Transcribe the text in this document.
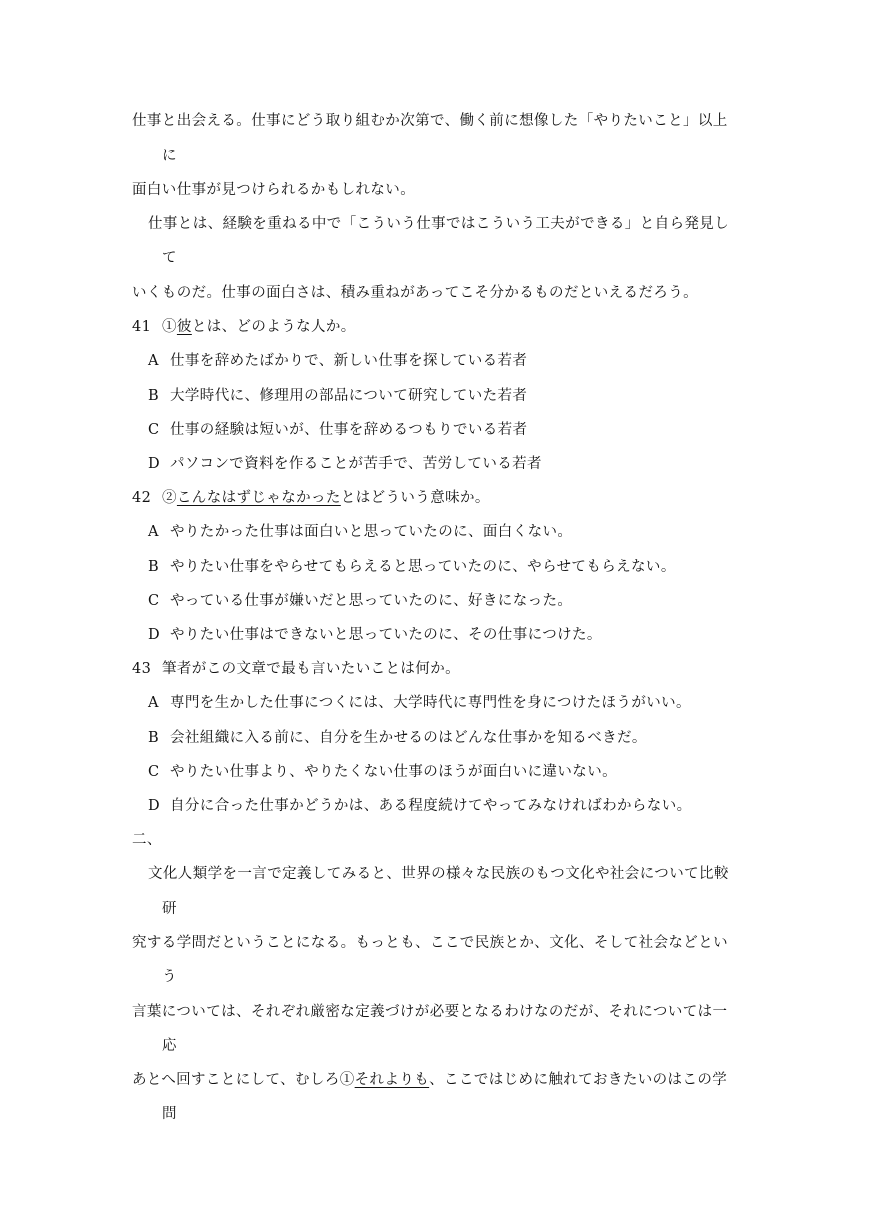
仕事と出会える。仕事にどう取り組むか次第で、働く前に想像した「やりたいこと」以上
に
面白い仕事が見つけられるかもしれない。
仕事とは、経験を重ねる中で「こういう仕事ではこういう工夫ができる」と自ら発見し
て
いくものだ。仕事の面白さは、積み重ねがあってこそ分かるものだといえるだろう。
41 ①彼とは、どのような人か。
A 仕事を辞めたばかりで、新しい仕事を探している若者
B 大学時代に、修理用の部品について研究していた若者
C 仕事の経験は短いが、仕事を辞めるつもりでいる若者
D パソコンで資料を作ることが苦手で、苦労している若者
42 ②こんなはずじゃなかったとはどういう意味か。
A やりたかった仕事は面白いと思っていたのに、面白くない。
B やりたい仕事をやらせてもらえると思っていたのに、やらせてもらえない。
C やっている仕事が嫌いだと思っていたのに、好きになった。
D やりたい仕事はできないと思っていたのに、その仕事につけた。
43 筆者がこの文章で最も言いたいことは何か。
A 専門を生かした仕事につくには、大学時代に専門性を身につけたほうがいい。
B 会社組織に入る前に、自分を生かせるのはどんな仕事かを知るべきだ。
C やりたい仕事より、やりたくない仕事のほうが面白いに違いない。
D 自分に合った仕事かどうかは、ある程度続けてやってみなければわからない。
二、
文化人類学を一言で定義してみると、世界の様々な民族のもつ文化や社会について比較
研
究する学問だということになる。もっとも、ここで民族とか、文化、そして社会などとい
う
言葉については、それぞれ厳密な定義づけが必要となるわけなのだが、それについては一
応
あとへ回すことにして、むしろ①それよりも、ここではじめに触れておきたいのはこの学
問
